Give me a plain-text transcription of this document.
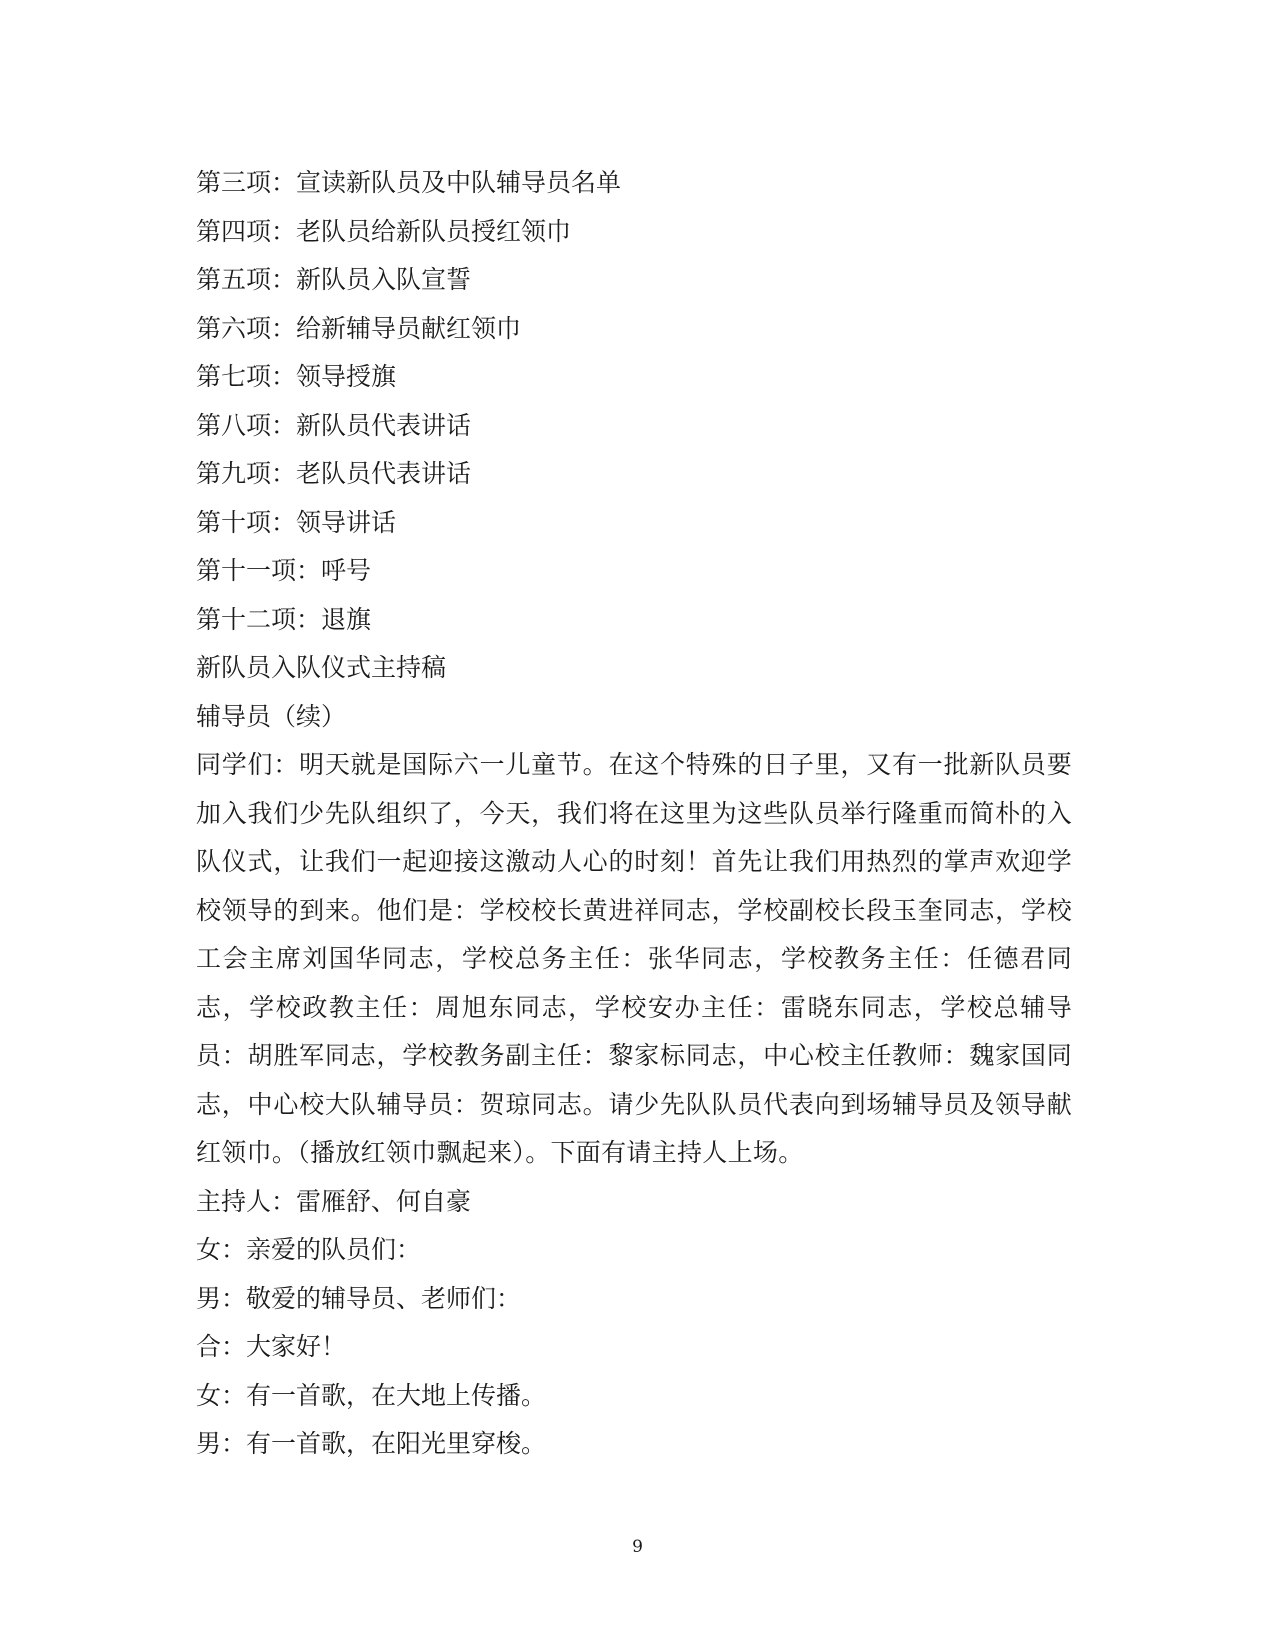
第三项：宣读新队员及中队辅导员名单

第四项：老队员给新队员授红领巾

第五项：新队员入队宣誓

第六项：给新辅导员献红领巾

第七项：领导授旗

第八项：新队员代表讲话

第九项：老队员代表讲话

第十项：领导讲话

第十一项：呼号

第十二项：退旗

新队员入队仪式主持稿

辅导员（续）

同学们：明天就是国际六一儿童节。在这个特殊的日子里，又有一批新队员要加入我们少先队组织了，今天，我们将在这里为这些队员举行隆重而简朴的入队仪式，让我们一起迎接这激动人心的时刻！首先让我们用热烈的掌声欢迎学校领导的到来。他们是：学校校长黄进祥同志，学校副校长段玉奎同志，学校工会主席刘国华同志，学校总务主任：张华同志，学校教务主任：任德君同志，学校政教主任：周旭东同志，学校安办主任：雷晓东同志，学校总辅导员：胡胜军同志，学校教务副主任：黎家标同志，中心校主任教师：魏家国同志，中心校大队辅导员：贺琼同志。请少先队队员代表向到场辅导员及领导献红领巾。（播放红领巾飘起来）。下面有请主持人上场。

主持人：雷雁舒、何自豪

女：亲爱的队员们：

男：敬爱的辅导员、老师们：

合：大家好！

女：有一首歌，在大地上传播。

男：有一首歌，在阳光里穿梭。

9
